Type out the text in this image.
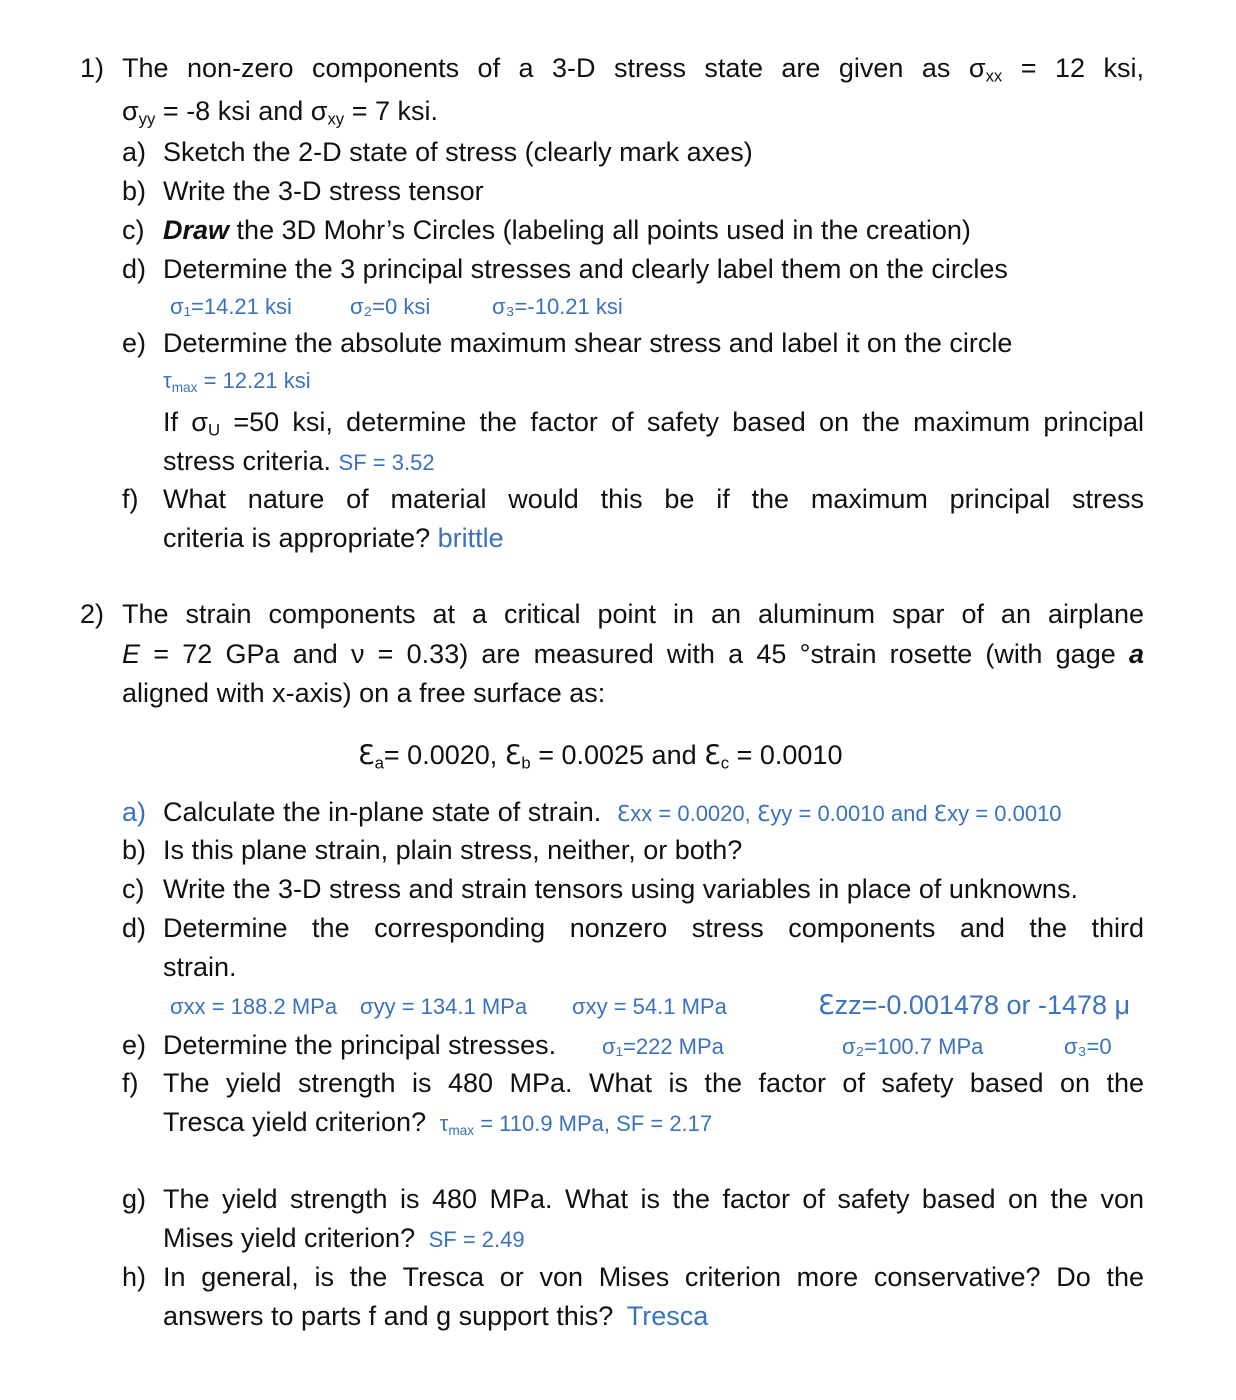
1) The non-zero components of a 3-D stress state are given as $\sigma_{xx} = 12$ ksi,
$\sigma_{yy} = -8$ ksi and $\sigma_{xy} = 7$ ksi.
a) Sketch the 2-D state of stress (clearly mark axes)
b) Write the 3-D stress tensor
c) Draw the 3D Mohr’s Circles (labeling all points used in the creation)
d) Determine the 3 principal stresses and clearly label them on the circles
σ₁=14.21 ksi	σ₂=0 ksi	σ₃=-10.21 ksi
e) Determine the absolute maximum shear stress and label it on the circle
$\tau_{max} = 12.21$ ksi
If $\sigma_U =50$ ksi, determine the factor of safety based on the maximum principal
stress criteria. SF = 3.52
f) What nature of material would this be if the maximum principal stress
criteria is appropriate? brittle
2) The strain components at a critical point in an aluminum spar of an airplane
E = 72 GPa and ν = 0.33) are measured with a 45 °strain rosette (with gage a
aligned with x-axis) on a free surface as:
ℇ$_a$= 0.0020, ℇ$_b$ = 0.0025 and ℇ$_c$ = 0.0010
a) Calculate the in-plane state of strain. ℇxx = 0.0020, ℇyy = 0.0010 and ℇxy = 0.0010
b) Is this plane strain, plain stress, neither, or both?
c) Write the 3-D stress and strain tensors using variables in place of unknowns.
d) Determine the corresponding nonzero stress components and the third
strain.
σxx = 188.2 MPa σyy = 134.1 MPa σxy = 54.1 MPa	ℇzz=-0.001478 or -1478 μ
e) Determine the principal stresses. σ₁=222 MPa	σ₂=100.7 MPa	σ₃=0
f) The yield strength is 480 MPa. What is the factor of safety based on the
Tresca yield criterion? $\tau_{max} = 110.9$ MPa, SF = 2.17
g) The yield strength is 480 MPa. What is the factor of safety based on the von
Mises yield criterion? SF = 2.49
h) In general, is the Tresca or von Mises criterion more conservative? Do the
answers to parts f and g support this? Tresca
